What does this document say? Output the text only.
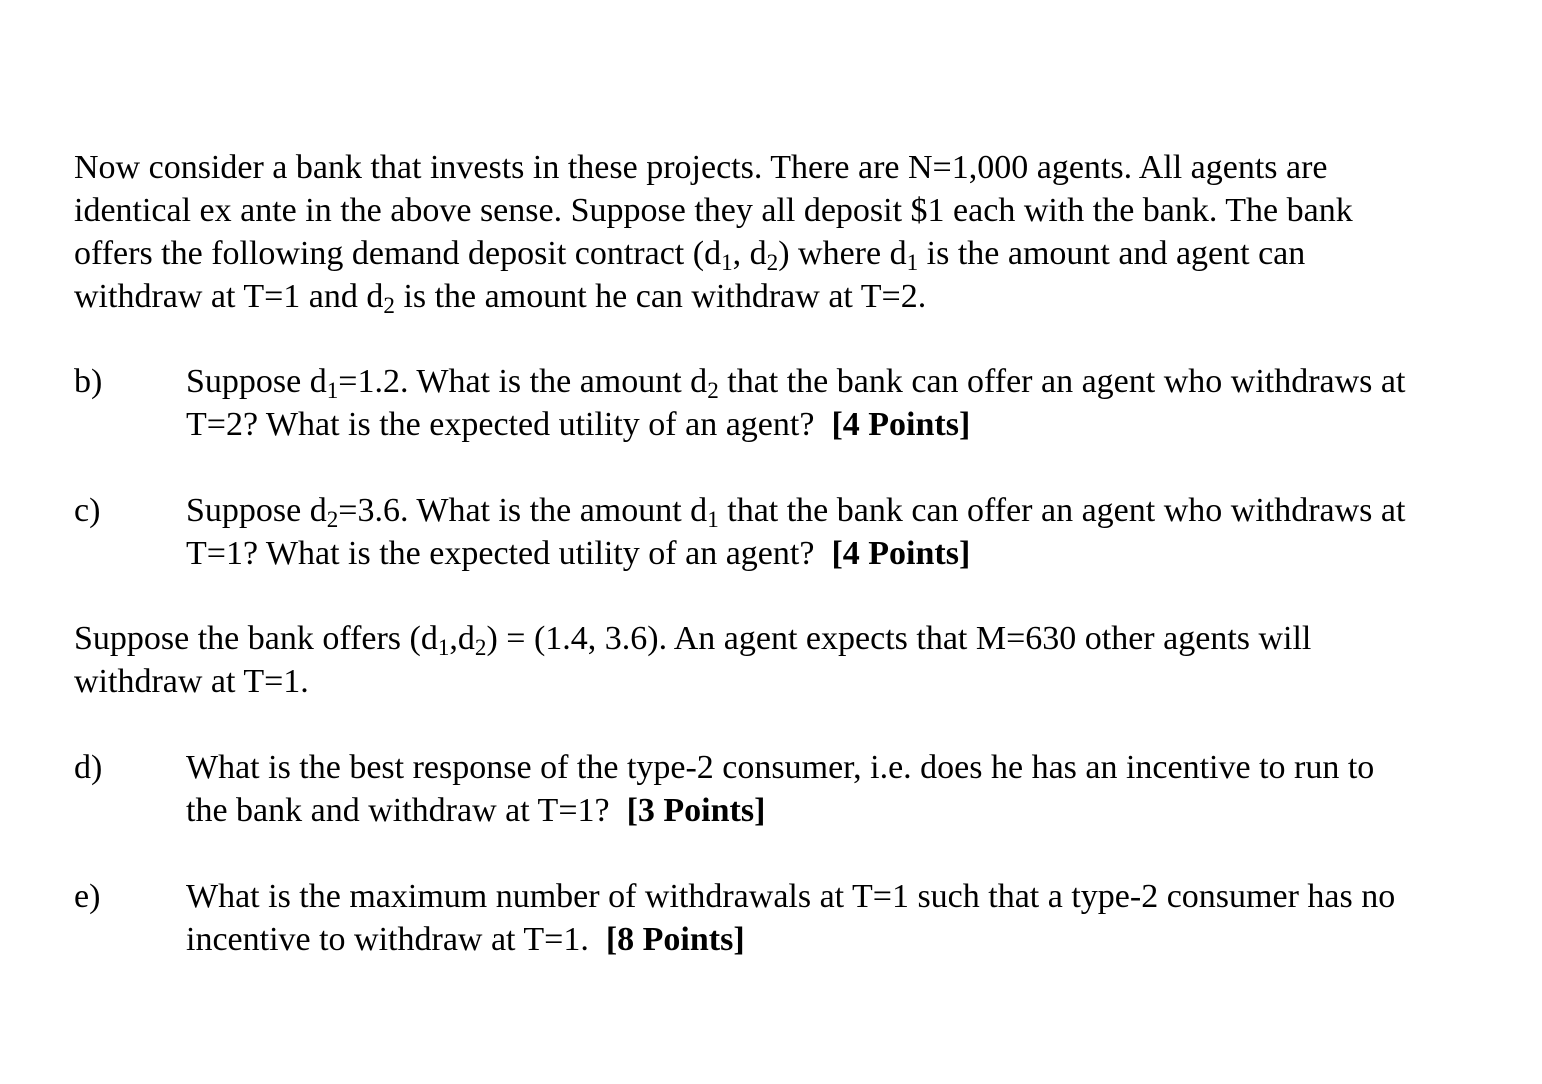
Now consider a bank that invests in these projects. There are N=1,000 agents. All agents are
identical ex ante in the above sense. Suppose they all deposit $1 each with the bank. The bank
offers the following demand deposit contract ($d_1$, $d_2$) where $d_1$ is the amount and agent can
withdraw at T=1 and $d_2$ is the amount he can withdraw at T=2.
b) Suppose $d_1=1.2$. What is the amount $d_2$ that the bank can offer an agent who withdraws at
T=2? What is the expected utility of an agent? [4 Points]
c)	Suppose $d_2=3.6$. What is the amount $d_1$ that the bank can offer an agent who withdraws at
T=1? What is the expected utility of an agent? [4 Points]
Suppose the bank offers $(d_1,d_2) = (1.4$, 3.6). An agent expects that M=630 other agents will
withdraw at T=1.
d) What is the best response of the type-2 consumer, i.e. does he has an incentive to run to
the bank and withdraw at T=1? [3 Points]
e)	What is the maximum number of withdrawals at T=1 such that a type-2 consumer has no
incentive to withdraw at T=1. [8 Points]
